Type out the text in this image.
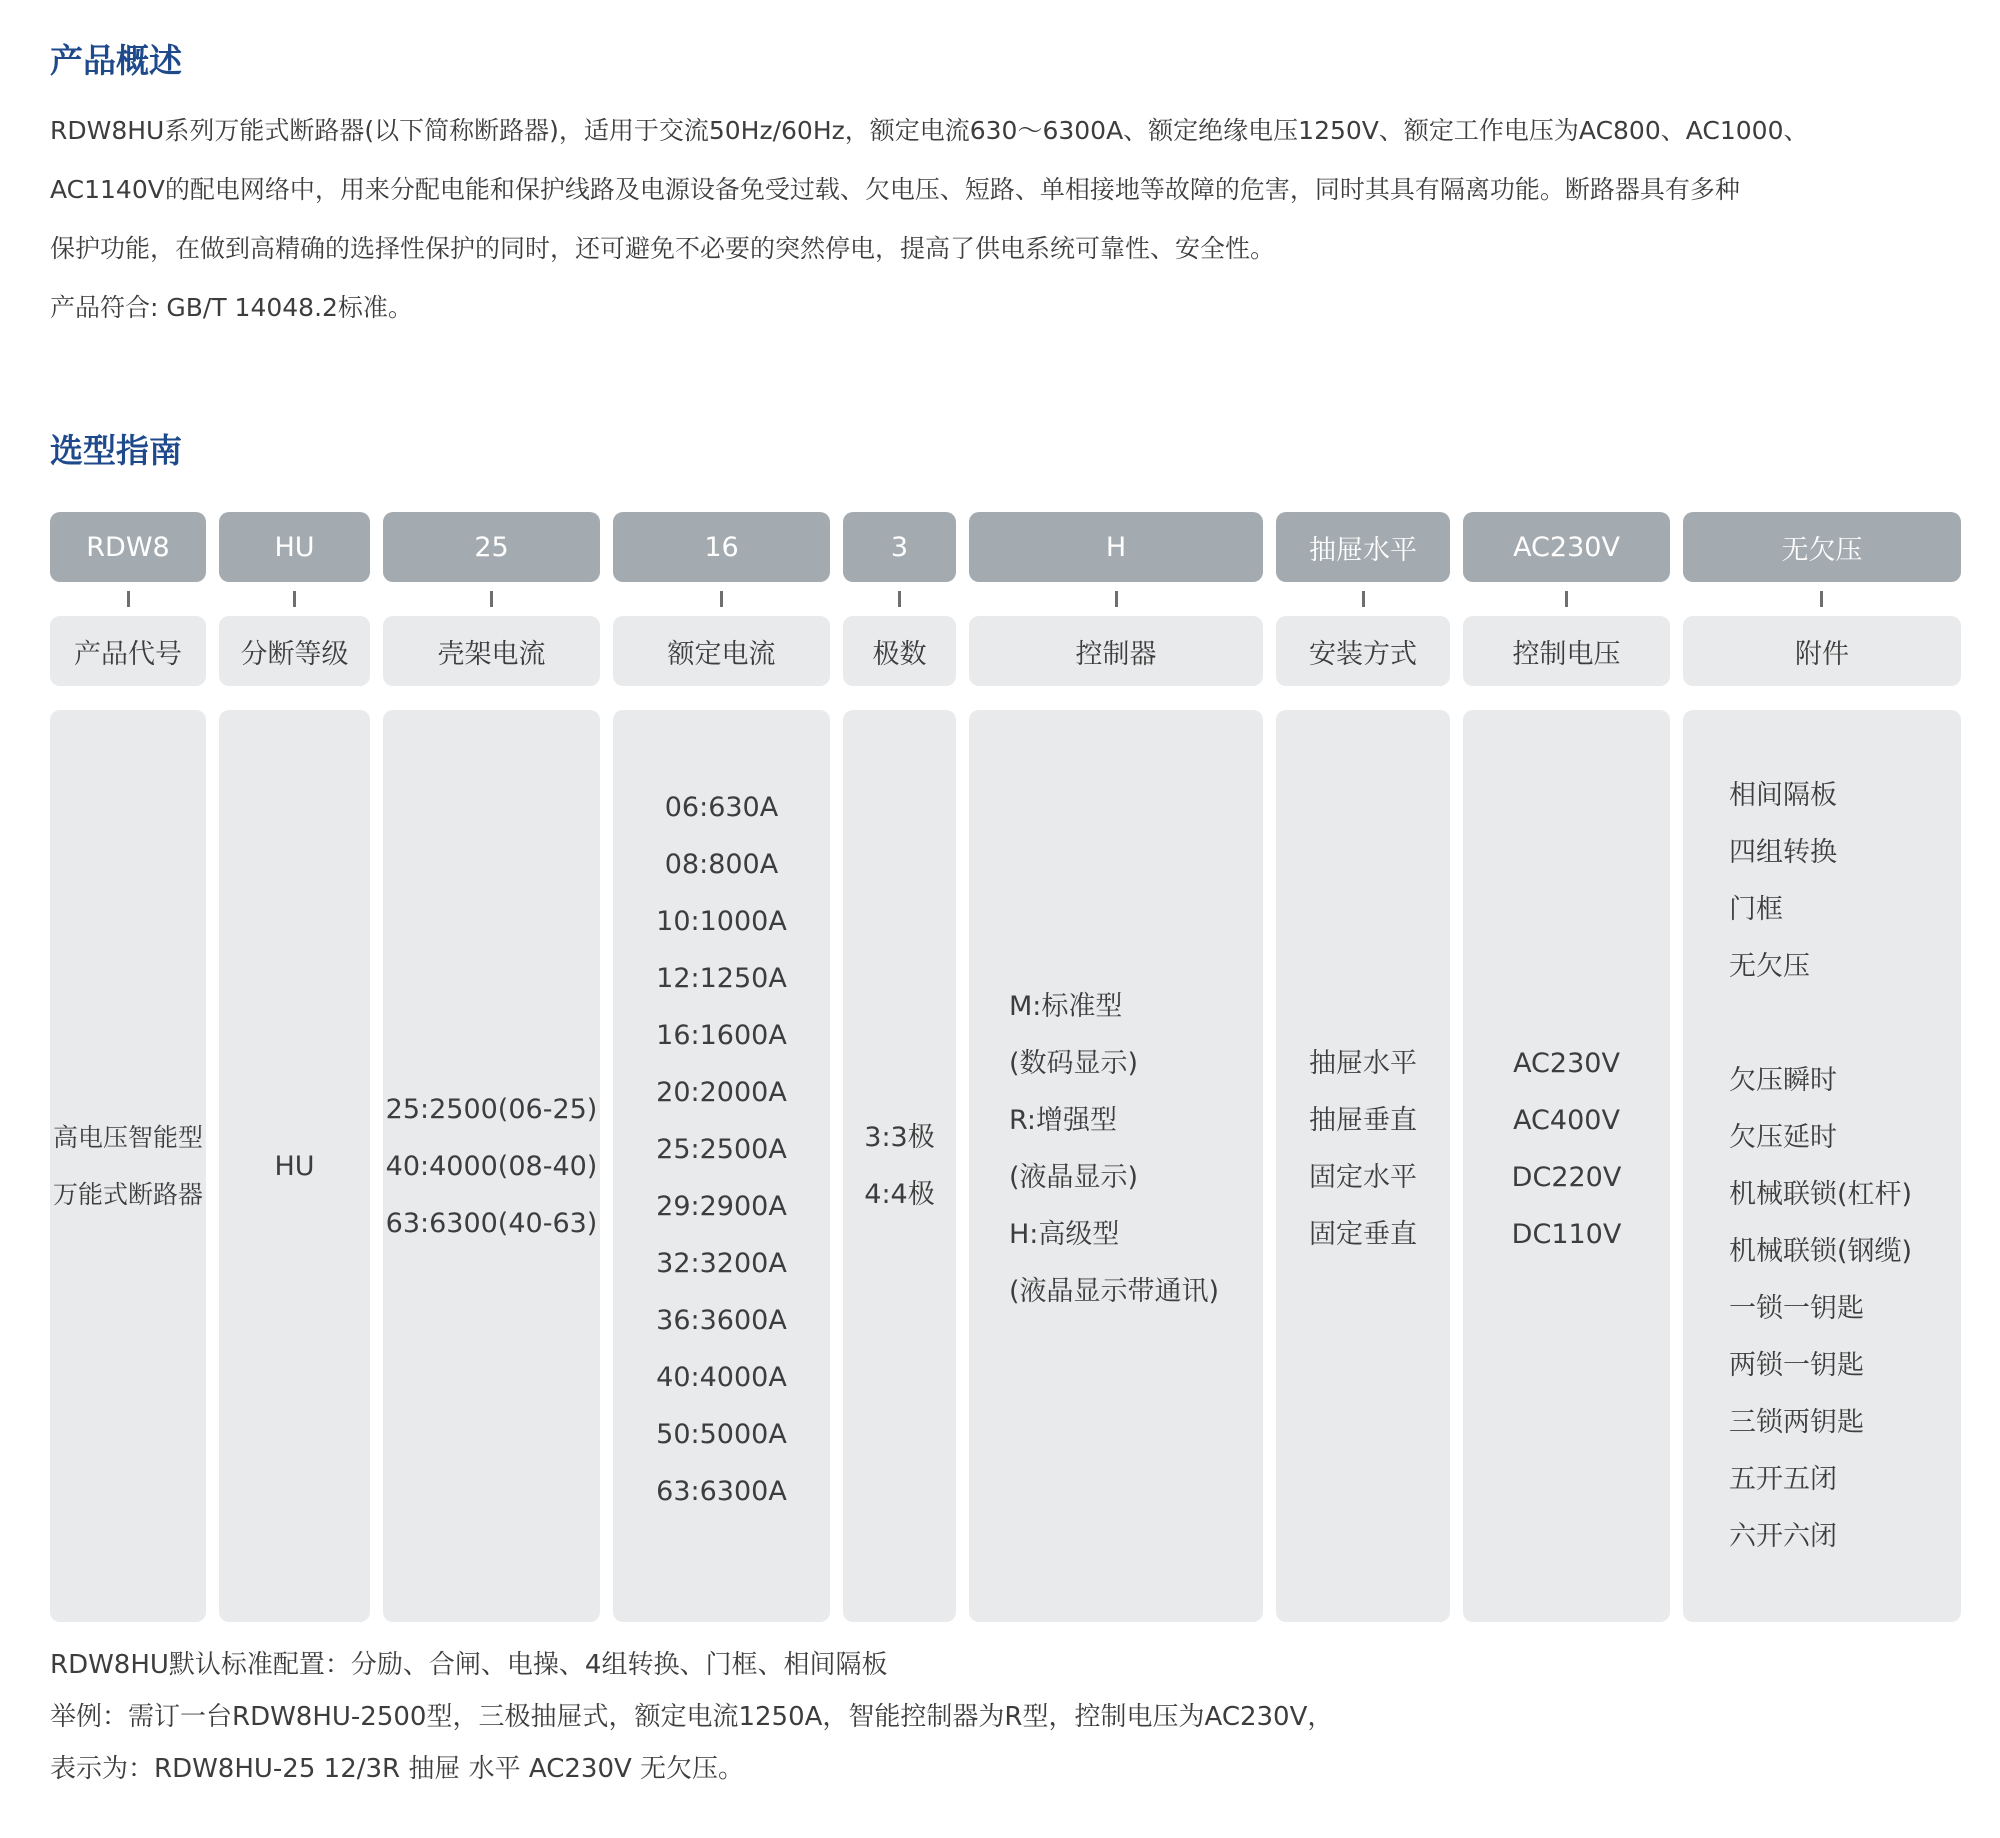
产品概述
RDW8HU系列万能式断路器(以下简称断路器)，适用于交流50Hz/60Hz，额定电流630～6300A、额定绝缘电压1250V、额定工作电压为AC800、AC1000、
AC1140V的配电网络中，用来分配电能和保护线路及电源设备免受过载、欠电压、短路、单相接地等故障的危害，同时其具有隔离功能。断路器具有多种
保护功能，在做到高精确的选择性保护的同时，还可避免不必要的突然停电，提高了供电系统可靠性、安全性。
产品符合: GB/T 14048.2标准。
选型指南
RDW8
产品代号
高电压智能型
万能式断路器
HU
分断等级
HU
25
壳架电流
25:2500(06-25)
40:4000(08-40)
63:6300(40-63)
16
额定电流
06:630A
08:800A
10:1000A
12:1250A
16:1600A
20:2000A
25:2500A
29:2900A
32:3200A
36:3600A
40:4000A
50:5000A
63:6300A
3
极数
3:3极
4:4极
H
控制器
M:标准型
(数码显示)
R:增强型
(液晶显示)
H:高级型
(液晶显示带通讯)
抽屉水平
安装方式
抽屉水平
抽屉垂直
固定水平
固定垂直
AC230V
控制电压
AC230V
AC400V
DC220V
DC110V
无欠压
附件
相间隔板
四组转换
门框
无欠压
欠压瞬时
欠压延时
机械联锁(杠杆)
机械联锁(钢缆)
一锁一钥匙
两锁一钥匙
三锁两钥匙
五开五闭
六开六闭
RDW8HU默认标准配置：分励、合闸、电操、4组转换、门框、相间隔板
举例：需订一台RDW8HU-2500型，三极抽屉式，额定电流1250A，智能控制器为R型，控制电压为AC230V，
表示为：RDW8HU-25 12/3R 抽屉 水平 AC230V 无欠压。
